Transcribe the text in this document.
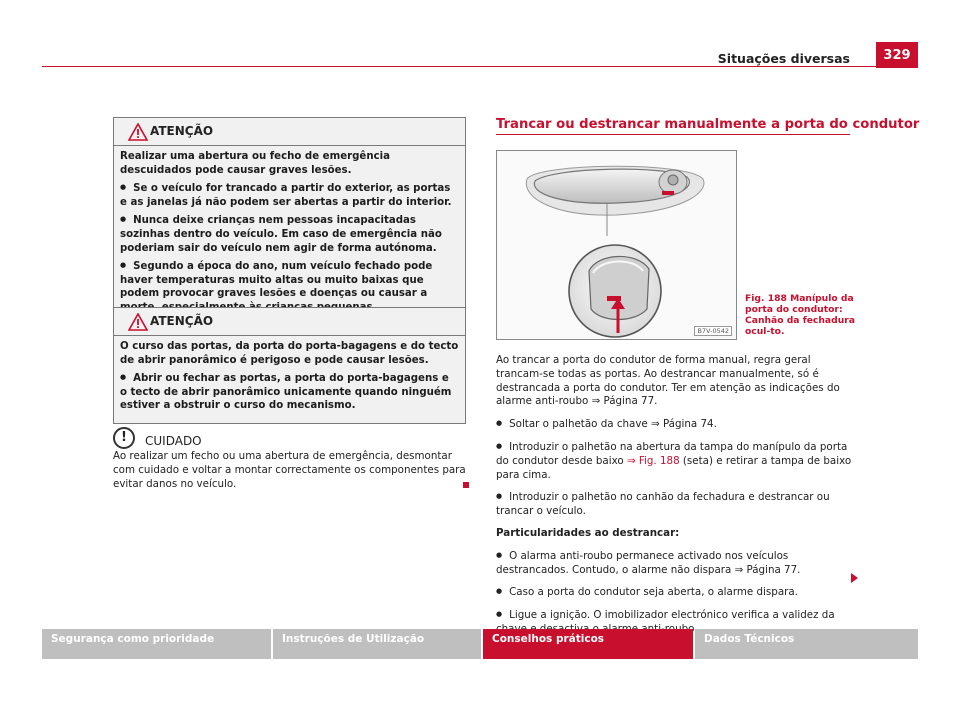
Situações diversas	329
ATENÇÃO

Realizar uma abertura ou fecho de emergência descuidados pode causar graves lesões.

● Se o veículo for trancado a partir do exterior, as portas e as janelas já não podem ser abertas a partir do interior.

● Nunca deixe crianças nem pessoas incapacitadas sozinhas dentro do veículo. Em caso de emergência não poderiam sair do veículo nem agir de forma autónoma.

● Segundo a época do ano, num veículo fechado pode haver temperaturas muito altas ou muito baixas que podem provocar graves lesões e doenças ou causar a

ATENÇÃO

O curso das portas, da porta do porta-bagagens e do tecto de abrir panorâmico é perigoso e pode causar lesões.

● Abrir ou fechar as portas, a porta do porta-bagagens e o tecto de abrir panorâmico unicamente quando ninguém estiver a obstruir o curso do mecanismo.

!	CUIDADO
Ao realizar um fecho ou uma abertura de emergência, desmontar com cuidado e voltar a montar correctamente os componentes para evitar danos no veículo.
Trancar ou destrancar manualmente a porta do condutor
B7V-0542
Fig. 188 Manípulo da porta do condutor: Canhão da fechadura ocul-to.

Ao trancar a porta do condutor de forma manual, regra geral trancam-se todas as portas. Ao destrancar manualmente, só é destrancada a porta do condutor. Ter em atenção as indicações do alarme anti-roubo ⇒ Página 77.

● Soltar o palhetão da chave ⇒ Página 74.

● Introduzir o palhetão na abertura da tampa do manípulo da porta do condutor desde baixo ⇒ Fig. 188 (seta) e retirar a tampa de baixo para cima.

● Introduzir o palhetão no canhão da fechadura e destrancar ou trancar o veículo.

Particularidades ao destrancar:

● O alarma anti-roubo permanece activado nos veículos destrancados. Contudo, o alarme não dispara ⇒ Página 77.

● Caso a porta do condutor seja aberta, o alarme dispara.

● Ligue a ignição. O imobilizador electrónico verifica a validez da

Segurança como prioridade	Instruções de Utilização	Conselhos práticos	Dados Técnicos
